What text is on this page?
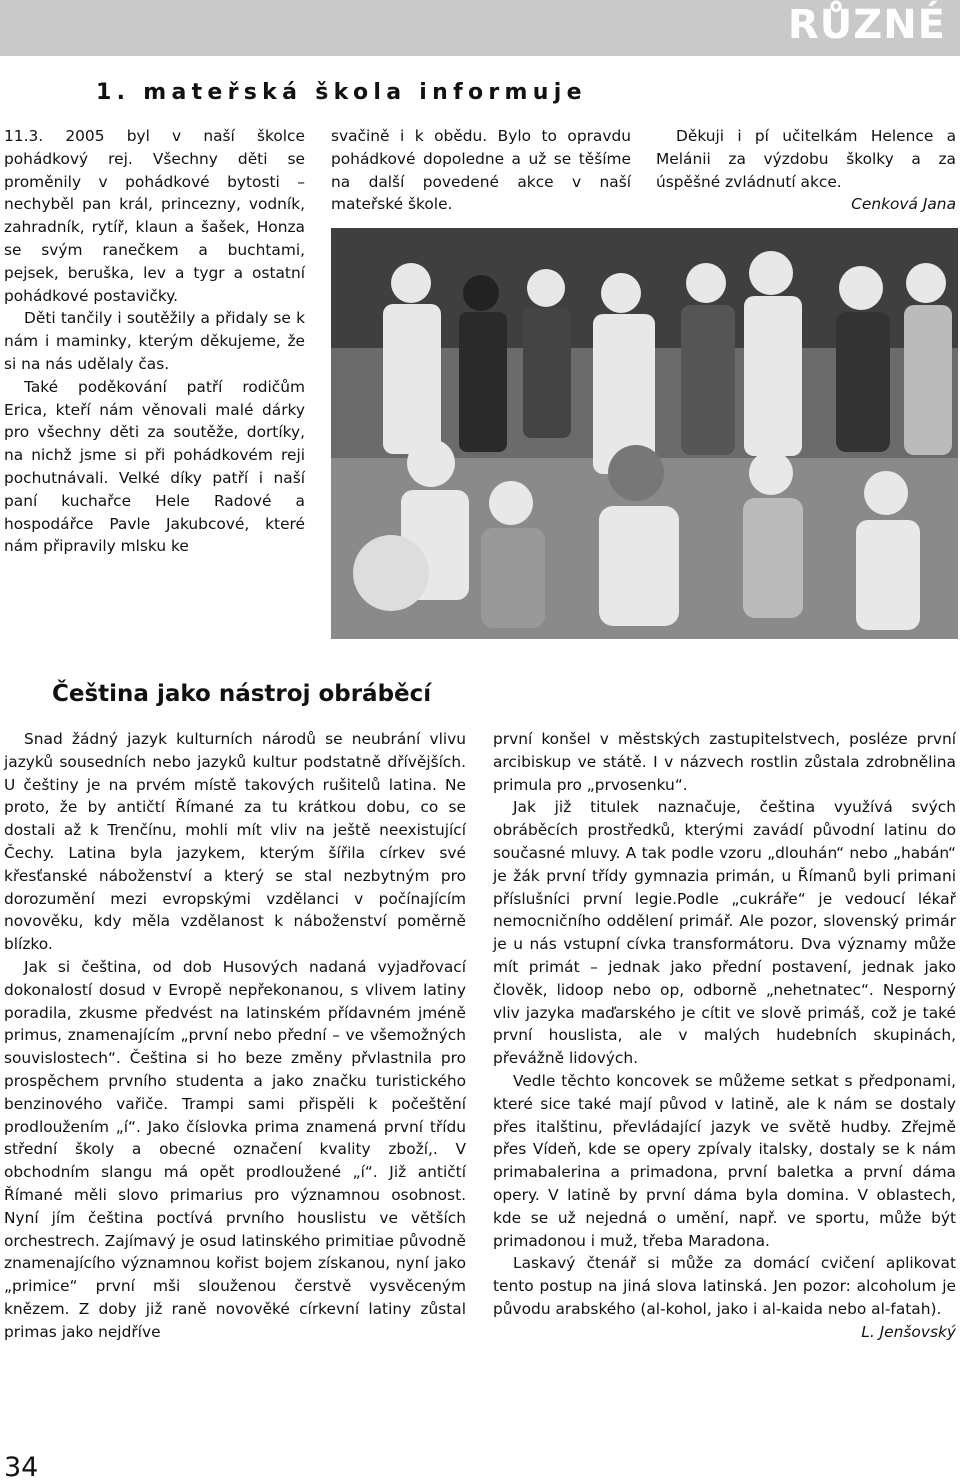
RŮZNÉ
1. mateřská škola informuje

11.3. 2005 byl v naší školce pohádkový rej. Všechny děti se proměnily v pohádkové bytosti – nechyběl pan král, princezny, vodník, zahradník, rytíř, klaun a šašek, Honza se svým ranečkem a buchtami, pejsek, beruška, lev a tygr a ostatní pohádkové postavičky.

Děti tančily i soutěžily a přidaly se k nám i maminky, kterým děkujeme, že si na nás udělaly čas.

Také poděkování patří rodičům Erica, kteří nám věnovali malé dárky pro všechny děti za soutěže, dortíky, na nichž jsme si při pohádkovém reji pochutnávali. Velké díky patří i naší paní kuchařce Hele Radové a hospodářce Pavle Jakubcové, které nám připravily mlsku ke

svačině i k obědu. Bylo to opravdu pohádkové dopoledne a už se těšíme na další povedené akce v naší mateřské škole.

Děkuji i pí učitelkám Helence a Melánii za výzdobu školky a za úspěšné zvládnutí akce.

Cenková Jana
Čeština jako nástroj obráběcí

Snad žádný jazyk kulturních národů se neubrání vlivu jazyků sousedních nebo jazyků kultur podstatně dřívějších. U češtiny je na prvém místě takových rušitelů latina. Ne proto, že by antičtí Římané za tu krátkou dobu, co se dostali až k Trenčínu, mohli mít vliv na ještě neexistující Čechy. Latina byla jazykem, kterým šířila církev své křesťanské náboženství a který se stal nezbytným pro dorozumění mezi evropskými vzdělanci v počínajícím novověku, kdy měla vzdělanost k náboženství poměrně blízko.

Jak si čeština, od dob Husových nadaná vyjadřovací dokonalostí dosud v Evropě nepřekonanou, s vlivem latiny poradila, zkusme předvést na latinském přídavném jméně primus, znamenajícím „první nebo přední – ve všemožných souvislostech“. Čeština si ho beze změny přvlastnila pro prospěchem prvního studenta a jako značku turistického benzinového vařiče. Trampi sami přispěli k počeštění prodloužením „í“. Jako číslovka prima znamená první třídu střední školy a obecné označení kvality zboží,. V obchodním slangu má opět prodloužené „í“. Již antičtí Římané měli slovo primarius pro významnou osobnost. Nyní jím čeština poctívá prvního houslistu ve větších orchestrech. Zajímavý je osud latinského primitiae původně znamenajícího významnou kořist bojem získanou, nyní jako „primice“ první mši slouženou čerstvě vysvěceným knězem. Z doby již raně novověké církevní latiny zůstal primas jako nejdříve

první konšel v městských zastupitelstvech, posléze první arcibiskup ve státě. I v názvech rostlin zůstala zdrobnělina primula pro „prvosenku“.

Jak již titulek naznačuje, čeština využívá svých obráběcích prostředků, kterými zavádí původní latinu do současné mluvy. A tak podle vzoru „dlouhán“ nebo „habán“ je žák první třídy gymnazia primán, u Římanů byli primani příslušníci první legie.Podle „cukráře“ je vedoucí lékař nemocničního oddělení primář. Ale pozor, slovenský primár je u nás vstupní cívka transformátoru. Dva významy může mít primát – jednak jako přední postavení, jednak jako člověk, lidoop nebo op, odborně „nehetnatec“. Nesporný vliv jazyka maďarského je cítit ve slově primáš, což je také první houslista, ale v malých hudebních skupinách, převážně lidových.

Vedle těchto koncovek se můžeme setkat s předponami, které sice také mají původ v latině, ale k nám se dostaly přes italštinu, převládající jazyk ve světě hudby. Zřejmě přes Vídeň, kde se opery zpívaly italsky, dostaly se k nám primabalerina a primadona, první baletka a první dáma opery. V latině by první dáma byla domina. V oblastech, kde se už nejedná o umění, např. ve sportu, může být primadonou i muž, třeba Maradona.

Laskavý čtenář si může za domácí cvičení aplikovat tento postup na jiná slova latinská. Jen pozor: alcoholum je původu arabského (al-kohol, jako i al-kaida nebo al-fatah).

L. Jenšovský
34
